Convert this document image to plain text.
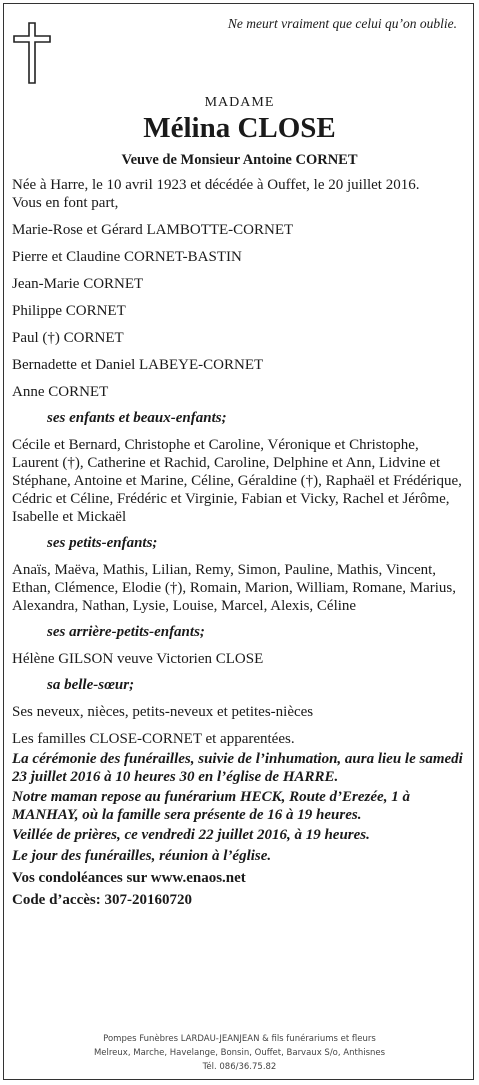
Ne meurt vraiment que celui qu’on oublie.
MADAME
Mélina CLOSE
Veuve de Monsieur Antoine CORNET

Née à Harre, le 10 avril 1923 et décédée à Ouffet, le 20 juillet 2016.

Vous en font part,

Marie-Rose et Gérard LAMBOTTE-CORNET

Pierre et Claudine CORNET-BASTIN

Jean-Marie CORNET

Philippe CORNET

Paul (†) CORNET

Bernadette et Daniel LABEYE-CORNET

Anne CORNET

ses enfants et beaux-enfants;

Cécile et Bernard, Christophe et Caroline, Véronique et Christophe, Laurent (†), Catherine et Rachid, Caroline, Delphine et Ann, Lidvine et Stéphane, Antoine et Marine, Céline, Géraldine (†), Raphaël et Frédérique, Cédric et Céline, Frédéric et Virginie, Fabian et Vicky, Rachel et Jérôme, Isabelle et Mickaël

ses petits-enfants;

Anaïs, Maëva, Mathis, Lilian, Remy, Simon, Pauline, Mathis, Vincent, Ethan, Clémence, Elodie (†), Romain, Marion, William, Romane, Marius, Alexandra, Nathan, Lysie, Louise, Marcel, Alexis, Céline

ses arrière-petits-enfants;

Hélène GILSON veuve Victorien CLOSE

sa belle-sœur;

Ses neveux, nièces, petits-neveux et petites-nièces

Les familles CLOSE-CORNET et apparentées.

La cérémonie des funérailles, suivie de l’inhumation, aura lieu le samedi 23 juillet 2016 à 10 heures 30 en l’église de HARRE.

Notre maman repose au funérarium HECK, Route d’Erezée, 1 à MANHAY, où la famille sera présente de 16 à 19 heures.

Veillée de prières, ce vendredi 22 juillet 2016, à 19 heures.

Le jour des funérailles, réunion à l’église.

Vos condoléances sur www.enaos.net

Code d’accès: 307-20160720

Pompes Funèbres LARDAU-JEANJEAN & fils funérariums et fleurs
Melreux, Marche, Havelange, Bonsin, Ouffet, Barvaux S/o, Anthisnes
Tél. 086/36.75.82
